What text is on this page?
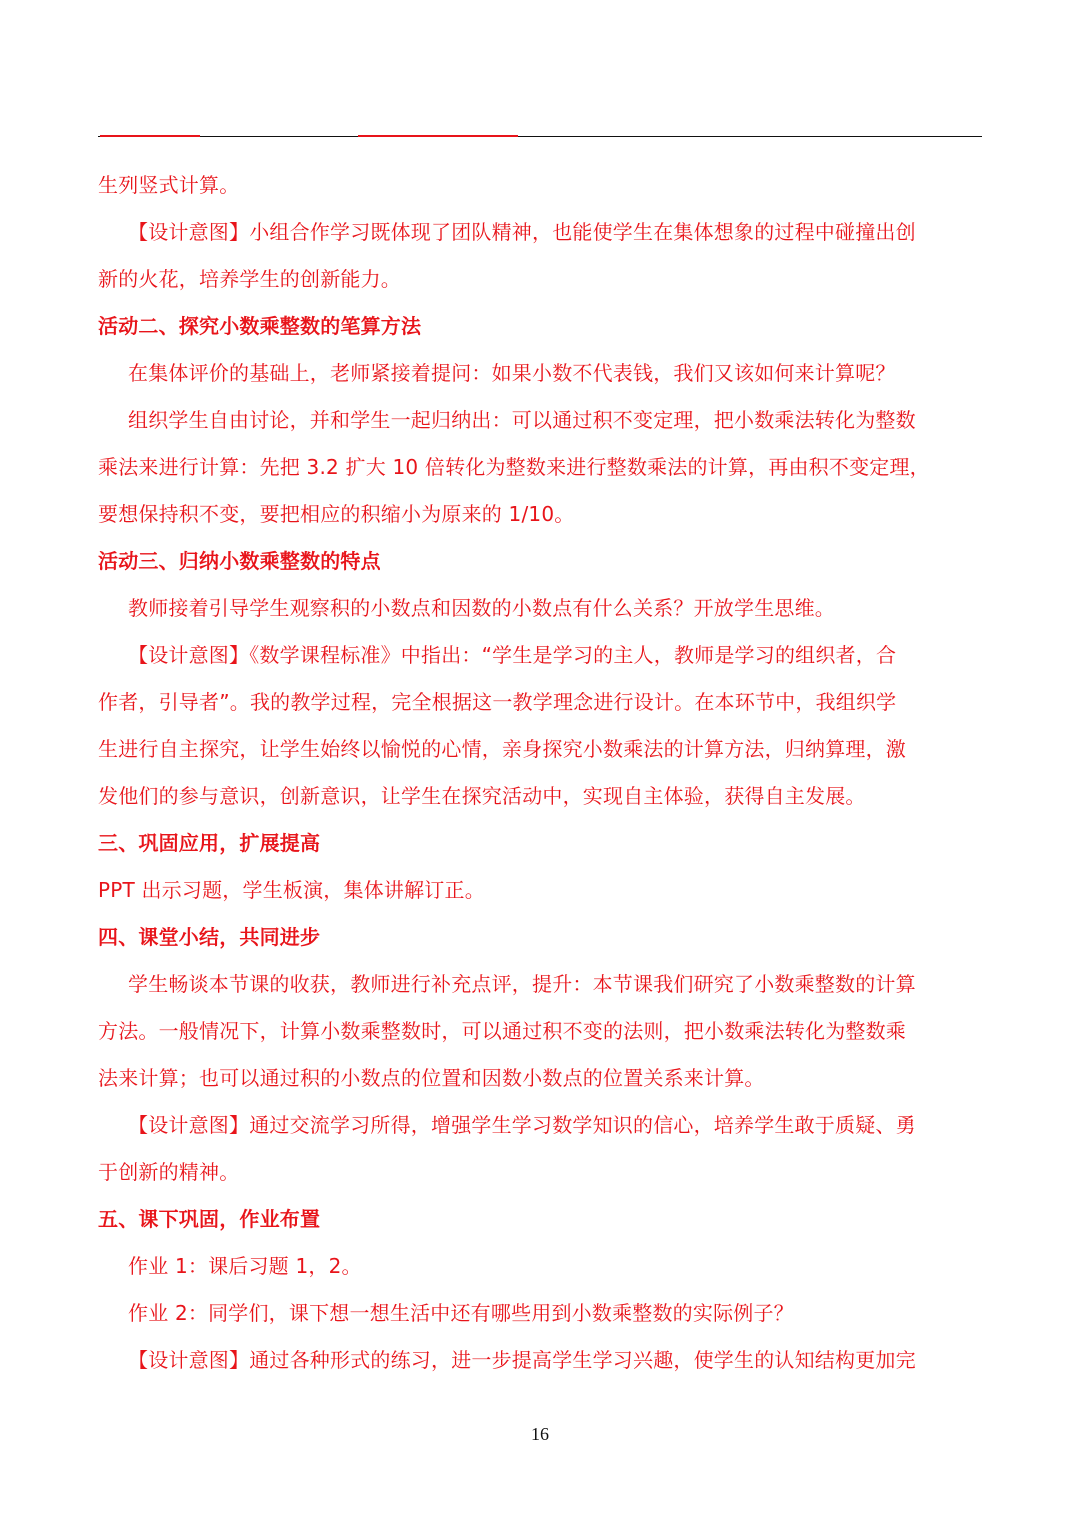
生列竖式计算。

【设计意图】小组合作学习既体现了团队精神，也能使学生在集体想象的过程中碰撞出创

新的火花，培养学生的创新能力。

活动二、探究小数乘整数的笔算方法

在集体评价的基础上，老师紧接着提问：如果小数不代表钱，我们又该如何来计算呢？

组织学生自由讨论，并和学生一起归纳出：可以通过积不变定理，把小数乘法转化为整数

乘法来进行计算：先把 3.2 扩大 10 倍转化为整数来进行整数乘法的计算，再由积不变定理，

要想保持积不变，要把相应的积缩小为原来的 1/10。

活动三、归纳小数乘整数的特点

教师接着引导学生观察积的小数点和因数的小数点有什么关系？开放学生思维。

【设计意图】《数学课程标准》中指出：“学生是学习的主人，教师是学习的组织者，合

作者，引导者”。我的教学过程，完全根据这一教学理念进行设计。在本环节中，我组织学

生进行自主探究，让学生始终以愉悦的心情，亲身探究小数乘法的计算方法，归纳算理，激

发他们的参与意识，创新意识，让学生在探究活动中，实现自主体验，获得自主发展。

三、巩固应用，扩展提高

PPT 出示习题，学生板演，集体讲解订正。

四、课堂小结，共同进步

学生畅谈本节课的收获，教师进行补充点评，提升：本节课我们研究了小数乘整数的计算

方法。一般情况下，计算小数乘整数时，可以通过积不变的法则，把小数乘法转化为整数乘

法来计算；也可以通过积的小数点的位置和因数小数点的位置关系来计算。

【设计意图】通过交流学习所得，增强学生学习数学知识的信心，培养学生敢于质疑、勇

于创新的精神。

五、课下巩固，作业布置

作业 1：课后习题 1，2。

作业 2：同学们，课下想一想生活中还有哪些用到小数乘整数的实际例子？

【设计意图】通过各种形式的练习，进一步提高学生学习兴趣，使学生的认知结构更加完

16
